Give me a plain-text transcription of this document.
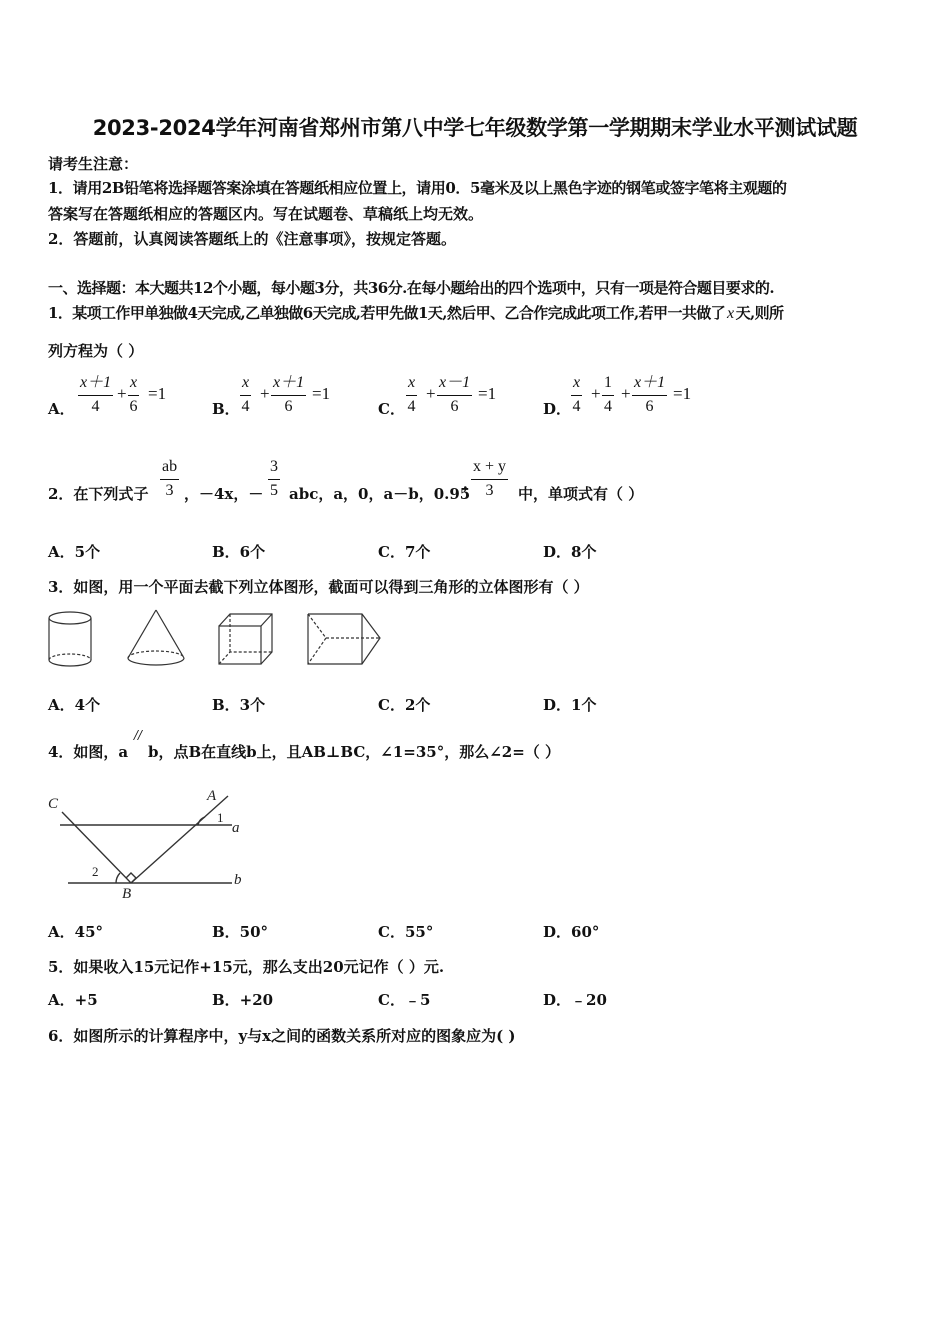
2023-2024学年河南省郑州市第八中学七年级数学第一学期期末学业水平测试试题
请考生注意：
1．请用2B铅笔将选择题答案涂填在答题纸相应位置上，请用0．5毫米及以上黑色字迹的钢笔或签字笔将主观题的
答案写在答题纸相应的答题区内。写在试题卷、草稿纸上均无效。
2．答题前，认真阅读答题纸上的《注意事项》，按规定答题。
一、选择题：本大题共12个小题，每小题3分，共36分.在每小题给出的四个选项中，只有一项是符合题目要求的.
1．某项工作甲单独做4天完成,乙单独做6天完成,若甲先做1天,然后甲、乙合作完成此项工作,若甲一共做了 x 天,则所
列方程为（ ）
A．
x＋1
4
+
x
6
=1
B．
x
4
+
x＋1
6
=1
C．
x
4
+
x－1
6
=1
D．
x
4
+
1
4
+
x＋1
6
=1
2．在下列式子
ab
3 ，－4x，－
3
5 abc，a，0，a－b，0.95
，
x + y
3	中，单项式有（ ）
A．5个	B．6个	C．7个	D．8个
3．如图，用一个平面去截下列立体图形，截面可以得到三角形的立体图形有（ ）
A．4个	B．3个	C．2个	D．1个
4．如图，a
//
b，点B在直线b上，且AB⊥BC，∠1=35°，那么∠2=（ ）
C	A
1
a
2
B
b
A．45°	B．50°	C．55°	D．60°
5．如果收入15元记作+15元，那么支出20元记作（ ）元.
A．+5	B．+20	C．﹣5	D．﹣20
6．如图所示的计算程序中，y与x之间的函数关系所对应的图象应为( )
